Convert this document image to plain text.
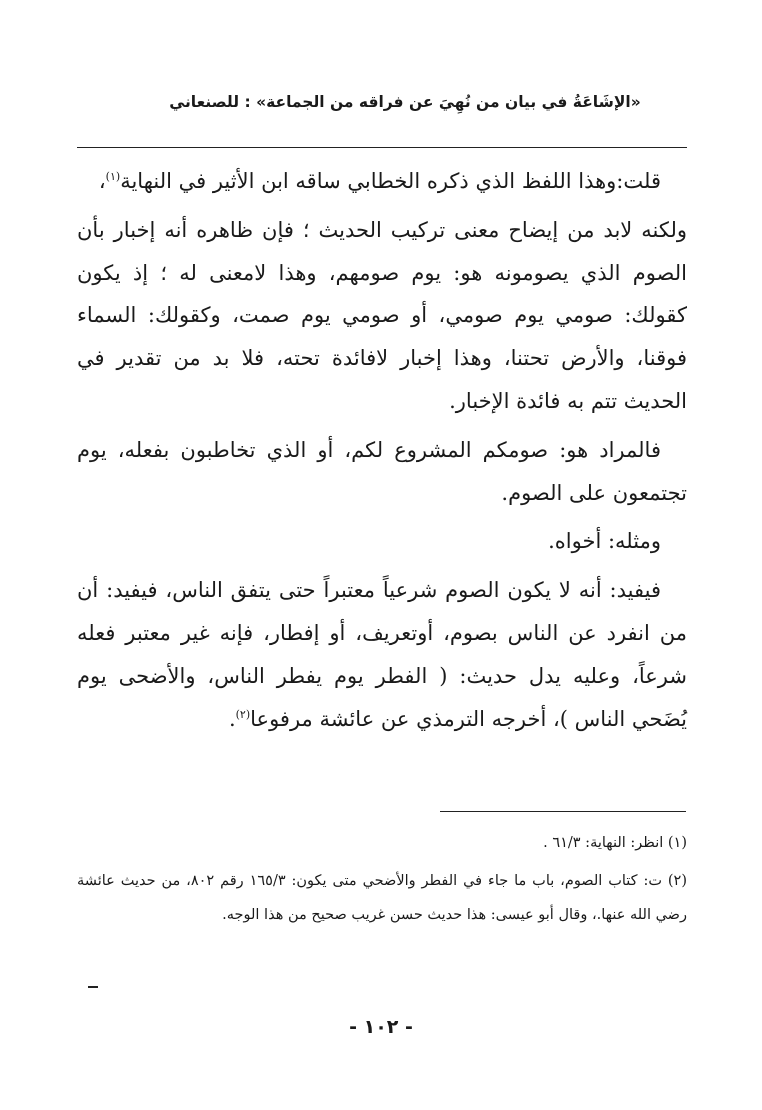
«الإشَاعَةُ في بيان من نُهِيَ عن فراقه من الجماعة» : للصنعاني

قلت:وهذا اللفظ الذي ذكره الخطابي ساقه ابن الأثير في النهاية$^{(١)}$،

ولكنه لابد من إيضاح معنى تركيب الحديث ؛ فإن ظاهره أنه إخبار بأن الصوم الذي يصومونه هو: يوم صومهم، وهذا لامعنى له ؛ إذ يكون كقولك: صومي يوم صومي، أو صومي يوم صمت، وكقولك: السماء فوقنا، والأرض تحتنا، وهذا إخبار لافائدة تحته، فلا بد من تقدير في الحديث تتم به فائدة الإخبار.

فالمراد هو: صومكم المشروع لكم، أو الذي تخاطبون بفعله، يوم تجتمعون على الصوم.

ومثله: أخواه.

فيفيد: أنه لا يكون الصوم شرعياً معتبراً حتى يتفق الناس، فيفيد: أن من انفرد عن الناس بصوم، أوتعريف، أو إفطار، فإنه غير معتبر فعله شرعاً، وعليه يدل حديث: ( الفطر يوم يفطر الناس، والأضحى يوم يُضَحي الناس )، أخرجه الترمذي عن عائشة مرفوعا$^{(٢)}$.

(١) انظر: النهاية: ٦١/٣ .

(٢) ت: كتاب الصوم، باب ما جاء في الفطر والأضحي متى يكون: ١٦٥/٣ رقم ٨٠٢، من حديث عائشة رضي الله عنها.، وقال أبو عيسى: هذا حديث حسن غريب صحيح من هذا الوجه.

- ١٠٢ -
